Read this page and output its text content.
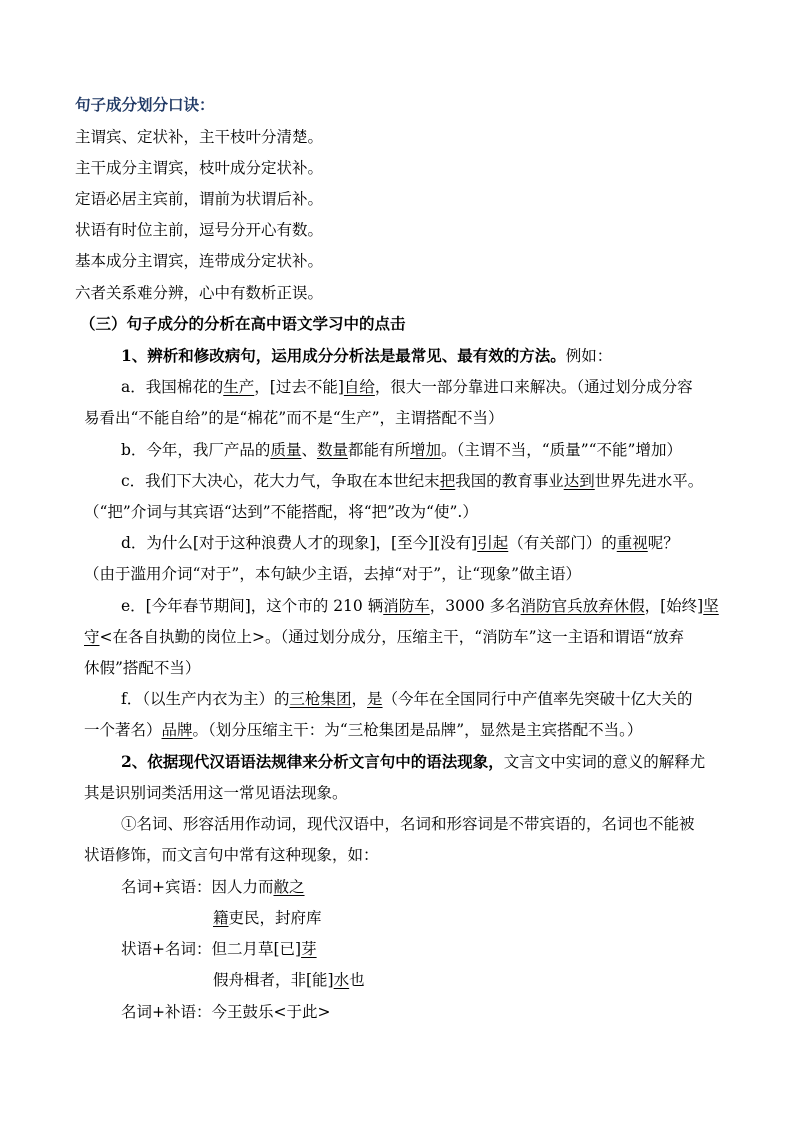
句子成分划分口诀：
主谓宾、定状补，主干枝叶分清楚。
主干成分主谓宾，枝叶成分定状补。
定语必居主宾前，谓前为状谓后补。
状语有时位主前，逗号分开心有数。
基本成分主谓宾，连带成分定状补。
六者关系难分辨，心中有数析正误。
（三）句子成分的分析在高中语文学习中的点击
1、辨析和修改病句，运用成分分析法是最常见、最有效的方法。例如：
a．我国棉花的生产，[过去不能]自给，很大一部分靠进口来解决。（通过划分成分容
易看出“不能自给”的是“棉花”而不是“生产”，主谓搭配不当）
b．今年，我厂产品的质量、数量都能有所增加。（主谓不当，“质量”“不能”增加）
c．我们下大决心，花大力气，争取在本世纪末把我国的教育事业达到世界先进水平。
（“把”介词与其宾语“达到”不能搭配，将“把”改为“使”.）
d．为什么[对于这种浪费人才的现象]，[至今][没有]引起（有关部门）的重视呢？
（由于滥用介词“对于”，本句缺少主语，去掉“对于”，让“现象”做主语）
e．[今年春节期间]，这个市的 210 辆消防车，3000 多名消防官兵放弃休假，[始终]坚
守<在各自执勤的岗位上>。（通过划分成分，压缩主干，“消防车”这一主语和谓语“放弃
休假”搭配不当）
f．（以生产内衣为主）的三枪集团，是（今年在全国同行中产值率先突破十亿大关的
一个著名）品牌。（划分压缩主干：为“三枪集团是品牌”，显然是主宾搭配不当。）
2、依据现代汉语语法规律来分析文言句中的语法现象，文言文中实词的意义的解释尤
其是识别词类活用这一常见语法现象。
①名词、形容活用作动词，现代汉语中，名词和形容词是不带宾语的，名词也不能被
状语修饰，而文言句中常有这种现象，如：
名词+宾语：因人力而敝之
籍吏民，封府库
状语+名词：但二月草[已]芽
假舟楫者，非[能]水也
名词+补语：今王鼓乐<于此>
